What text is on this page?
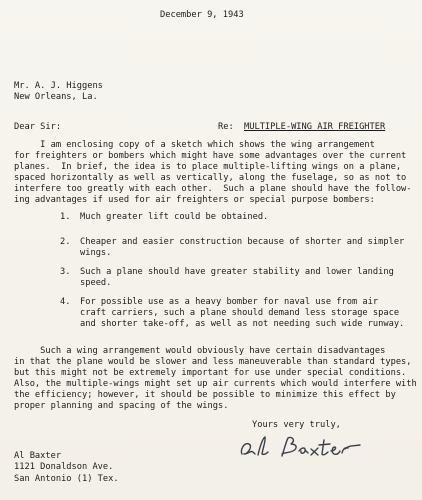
December 9, 1943
Mr. A. J. Higgens
New Orleans, La.
Dear Sir:	Re: MULTIPLE-WING AIR FREIGHTER
I am enclosing copy of a sketch which shows the wing arrangement
for freighters or bombers which might have some advantages over the current
planes.  In brief, the idea is to place multiple-lifting wings on a plane,
spaced horizontally as well as vertically, along the fuselage, so as not to
interfere too greatly with each other.  Such a plane should have the follow-
ing advantages if used for air freighters or special purpose bombers:

1.

Much greater lift could be obtained.

2.

Cheaper and easier construction because of shorter and simpler

wings.

3.

Such a plane should have greater stability and lower landing

speed.

4.

For possible use as a heavy bomber for naval use from air

craft carriers, such a plane should demand less storage space

and shorter take-off, as well as not needing such wide runway.

Such a wing arrangement would obviously have certain disadvantages
in that the plane would be slower and less maneuverable than standard types,
but this might not be extremely important for use under special conditions.
Also, the multiple-wings might set up air currents which would interfere with
the efficiency; however, it should be possible to minimize this effect by
proper planning and spacing of the wings.
Yours very truly,
Al Baxter
1121 Donaldson Ave.
San Antonio (1) Tex.
